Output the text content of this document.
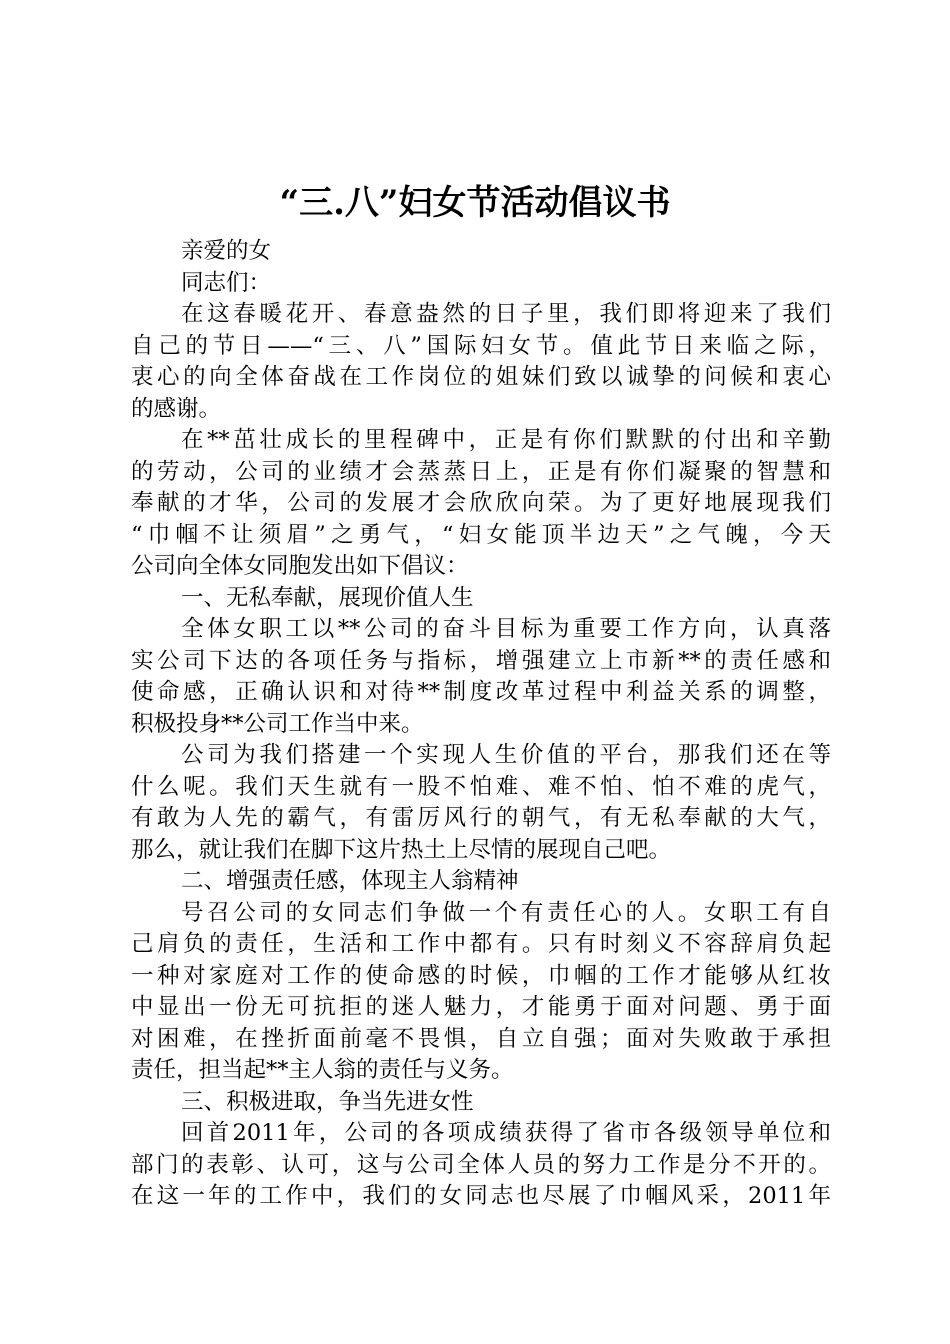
“三.八”妇女节活动倡议书
亲爱的女
同志们：
在这春暖花开、春意盎然的日子里，我们即将迎来了我们
自己的节日——“三、八”国际妇女节。值此节日来临之际，
衷心的向全体奋战在工作岗位的姐妹们致以诚挚的问候和衷心
的感谢。
在**茁壮成长的里程碑中，正是有你们默默的付出和辛勤
的劳动，公司的业绩才会蒸蒸日上，正是有你们凝聚的智慧和
奉献的才华，公司的发展才会欣欣向荣。为了更好地展现我们
“巾帼不让须眉”之勇气，“妇女能顶半边天”之气魄，今天
公司向全体女同胞发出如下倡议：
一、无私奉献，展现价值人生
全体女职工以**公司的奋斗目标为重要工作方向，认真落
实公司下达的各项任务与指标，增强建立上市新**的责任感和
使命感，正确认识和对待**制度改革过程中利益关系的调整，
积极投身**公司工作当中来。
公司为我们搭建一个实现人生价值的平台，那我们还在等
什么呢。我们天生就有一股不怕难、难不怕、怕不难的虎气，
有敢为人先的霸气，有雷厉风行的朝气，有无私奉献的大气，
那么，就让我们在脚下这片热土上尽情的展现自己吧。
二、增强责任感，体现主人翁精神
号召公司的女同志们争做一个有责任心的人。女职工有自
己肩负的责任，生活和工作中都有。只有时刻义不容辞肩负起
一种对家庭对工作的使命感的时候，巾帼的工作才能够从红妆
中显出一份无可抗拒的迷人魅力，才能勇于面对问题、勇于面
对困难，在挫折面前毫不畏惧，自立自强；面对失败敢于承担
责任，担当起**主人翁的责任与义务。
三、积极进取，争当先进女性
回首2011年，公司的各项成绩获得了省市各级领导单位和
部门的表彰、认可，这与公司全体人员的努力工作是分不开的。
在这一年的工作中，我们的女同志也尽展了巾帼风采，2011年
